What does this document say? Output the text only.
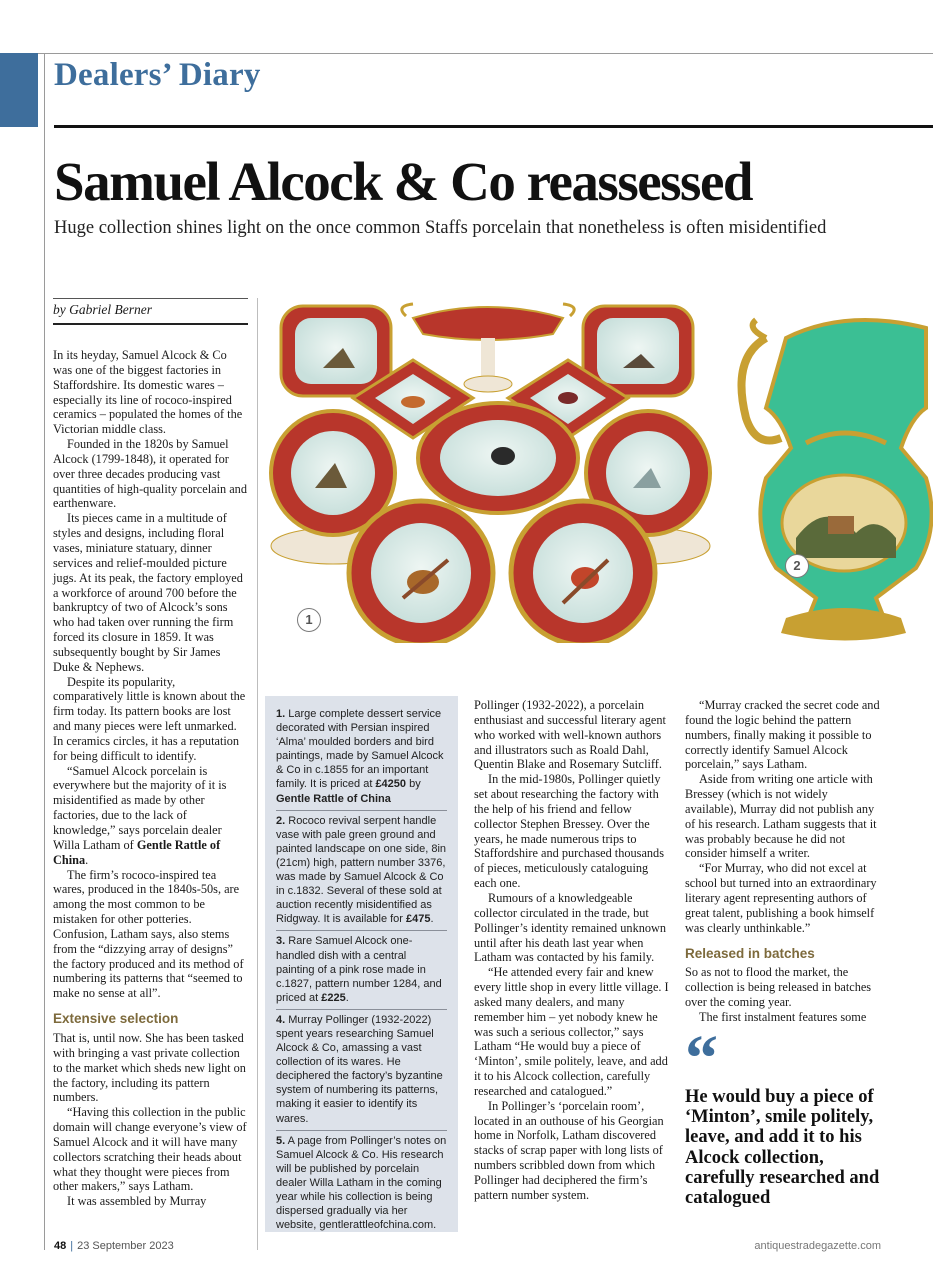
Dealers’ Diary
Samuel Alcock & Co reassessed
Huge collection shines light on the once common Staffs porcelain that nonetheless is often misidentified
by Gabriel Berner

In its heyday, Samuel Alcock & Co was one of the biggest factories in Staffordshire. Its domestic wares – especially its line of rococo-inspired ceramics – populated the homes of the Victorian middle class.

Founded in the 1820s by Samuel Alcock (1799-1848), it operated for over three decades producing vast quantities of high-quality porcelain and earthenware.

Its pieces came in a multitude of styles and designs, including floral vases, miniature statuary, dinner services and relief-moulded picture jugs. At its peak, the factory employed a workforce of around 700 before the bankruptcy of two of Alcock’s sons who had taken over running the firm forced its closure in 1859. It was subsequently bought by Sir James Duke & Nephews.

Despite its popularity, comparatively little is known about the firm today. Its pattern books are lost and many pieces were left unmarked. In ceramics circles, it has a reputation for being difficult to identify.

“Samuel Alcock porcelain is everywhere but the majority of it is misidentified as made by other factories, due to the lack of knowledge,” says porcelain dealer Willa Latham of Gentle Rattle of China.

The firm’s rococo-inspired tea wares, produced in the 1840s-50s, are among the most common to be mistaken for other potteries. Confusion, Latham says, also stems from the “dizzying array of designs” the factory produced and its method of numbering its patterns that “seemed to make no sense at all”.

Extensive selection

That is, until now. She has been tasked with bringing a vast private collection to the market which sheds new light on the factory, including its pattern numbers.

“Having this collection in the public domain will change everyone’s view of Samuel Alcock and it will have many collectors scratching their heads about what they thought were pieces from other makers,” says Latham.

It was assembled by Murray

1
2
1. Large complete dessert service decorated with Persian inspired ‘Alma’ moulded borders and bird paintings, made by Samuel Alcock & Co in c.1855 for an important family. It is priced at £4250 by Gentle Rattle of China
2. Rococo revival serpent handle vase with pale green ground and painted landscape on one side, 8in (21cm) high, pattern number 3376, was made by Samuel Alcock & Co in c.1832. Several of these sold at auction recently misidentified as Ridgway. It is available for £475.
3. Rare Samuel Alcock one-handled dish with a central painting of a pink rose made in c.1827, pattern number 1284, and priced at £225.
4. Murray Pollinger (1932-2022) spent years researching Samuel Alcock & Co, amassing a vast collection of its wares. He deciphered the factory’s byzantine system of numbering its patterns, making it easier to identify its wares.
5. A page from Pollinger’s notes on Samuel Alcock & Co. His research will be published by porcelain dealer Willa Latham in the coming year while his collection is being dispersed gradually via her website, gentlerattleofchina.com.

Pollinger (1932-2022), a porcelain enthusiast and successful literary agent who worked with well-known authors and illustrators such as Roald Dahl, Quentin Blake and Rosemary Sutcliff.

In the mid-1980s, Pollinger quietly set about researching the factory with the help of his friend and fellow collector Stephen Bressey. Over the years, he made numerous trips to Staffordshire and purchased thousands of pieces, meticulously cataloguing each one.

Rumours of a knowledgeable collector circulated in the trade, but Pollinger’s identity remained unknown until after his death last year when Latham was contacted by his family.

“He attended every fair and knew every little shop in every little village. I asked many dealers, and many remember him – yet nobody knew he was such a serious collector,” says Latham “He would buy a piece of ‘Minton’, smile politely, leave, and add it to his Alcock collection, carefully researched and catalogued.”

In Pollinger’s ‘porcelain room’, located in an outhouse of his Georgian home in Norfolk, Latham discovered stacks of scrap paper with long lists of numbers scribbled down from which Pollinger had deciphered the firm’s pattern number system.

“Murray cracked the secret code and found the logic behind the pattern numbers, finally making it possible to correctly identify Samuel Alcock porcelain,” says Latham.

Aside from writing one article with Bressey (which is not widely available), Murray did not publish any of his research. Latham suggests that it was probably because he did not consider himself a writer.

“For Murray, who did not excel at school but turned into an extraordinary literary agent representing authors of great talent, publishing a book himself was clearly unthinkable.”

Released in batches

So as not to flood the market, the collection is being released in batches over the coming year.

The first instalment features some

“
He would buy a piece of ‘Minton’, smile politely, leave, and add it to his Alcock collection, carefully researched and catalogued
48 | 23 September 2023	antiquestradegazette.com
